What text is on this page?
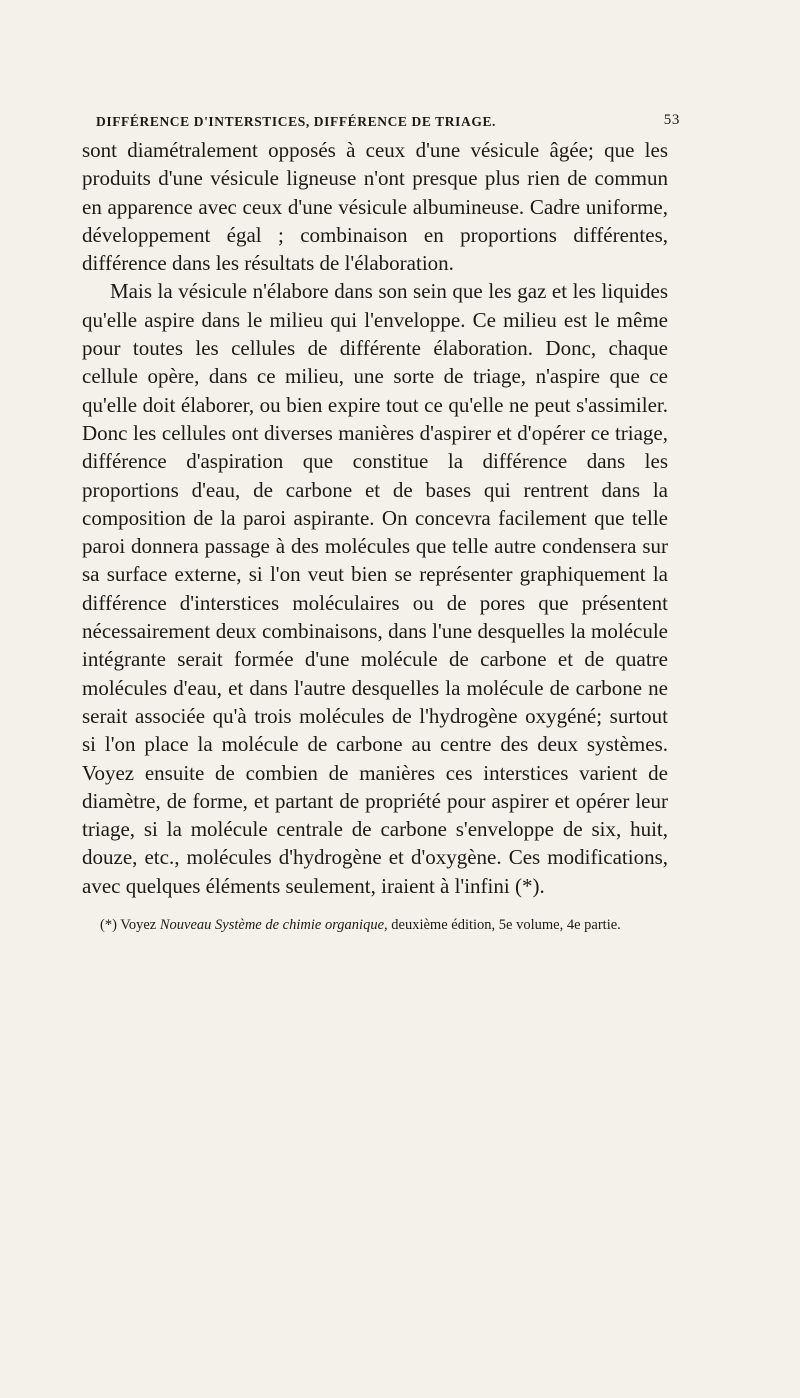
DIFFÉRENCE D'INTERSTICES, DIFFÉRENCE DE TRIAGE.	53

sont diamétralement opposés à ceux d'une vésicule âgée; que les produits d'une vésicule ligneuse n'ont presque plus rien de commun en apparence avec ceux d'une vésicule albumineuse. Cadre uniforme, développement égal ; combinaison en proportions différentes, différence dans les résultats de l'élaboration.

Mais la vésicule n'élabore dans son sein que les gaz et les liquides qu'elle aspire dans le milieu qui l'enveloppe. Ce milieu est le même pour toutes les cellules de différente élaboration. Donc, chaque cellule opère, dans ce milieu, une sorte de triage, n'aspire que ce qu'elle doit élaborer, ou bien expire tout ce qu'elle ne peut s'assimiler. Donc les cellules ont diverses manières d'aspirer et d'opérer ce triage, différence d'aspiration que constitue la différence dans les proportions d'eau, de carbone et de bases qui rentrent dans la composition de la paroi aspirante. On concevra facilement que telle paroi donnera passage à des molécules que telle autre condensera sur sa surface externe, si l'on veut bien se représenter graphiquement la différence d'interstices moléculaires ou de pores que présentent nécessairement deux combinaisons, dans l'une desquelles la molécule intégrante serait formée d'une molécule de carbone et de quatre molécules d'eau, et dans l'autre desquelles la molécule de carbone ne serait associée qu'à trois molécules de l'hydrogène oxygéné; surtout si l'on place la molécule de carbone au centre des deux systèmes. Voyez ensuite de combien de manières ces interstices varient de diamètre, de forme, et partant de propriété pour aspirer et opérer leur triage, si la molécule centrale de carbone s'enveloppe de six, huit, douze, etc., molécules d'hydrogène et d'oxygène. Ces modifications, avec quelques éléments seulement, iraient à l'infini (*).

(*) Voyez Nouveau Système de chimie organique, deuxième édition, 5e volume, 4e partie.
